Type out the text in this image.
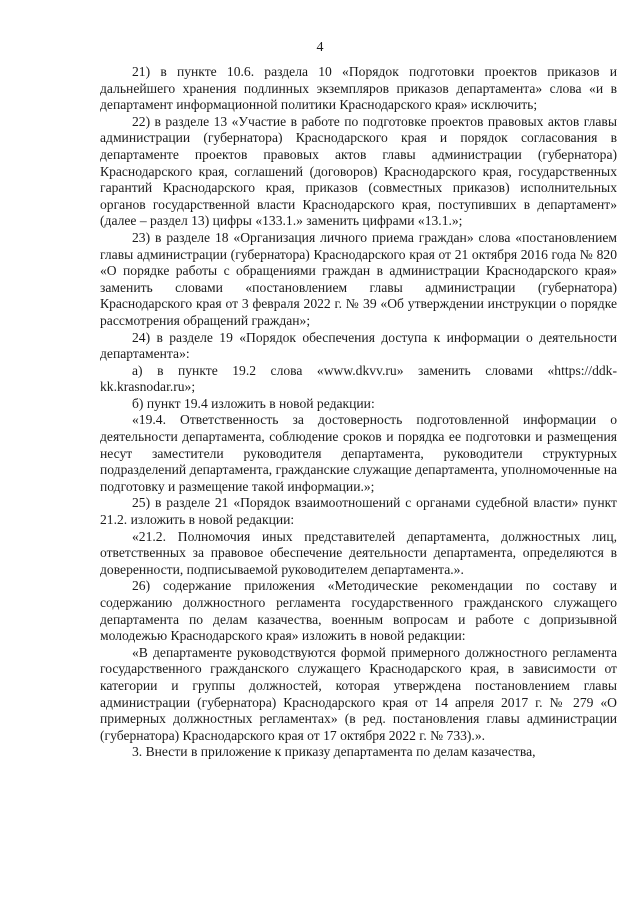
4

21) в пункте 10.6. раздела 10 «Порядок подготовки проектов приказов и дальнейшего хранения подлинных экземпляров приказов департамента» слова «и в департамент информационной политики Краснодарского края» исключить;

22) в разделе 13 «Участие в работе по подготовке проектов правовых актов главы администрации (губернатора) Краснодарского края и порядок согласования в департаменте проектов правовых актов главы администрации (губернатора) Краснодарского края, соглашений (договоров) Краснодарского края, государственных гарантий Краснодарского края, приказов (совместных приказов) исполнительных органов государственной власти Краснодарского края, поступивших в департамент» (далее – раздел 13) цифры «133.1.» заменить цифрами «13.1.»;

23) в разделе 18 «Организация личного приема граждан» слова «постановлением главы администрации (губернатора) Краснодарского края от 21 октября 2016 года № 820 «О порядке работы с обращениями граждан в администрации Краснодарского края» заменить словами «постановлением главы администрации (губернатора) Краснодарского края от 3 февраля 2022 г. № 39 «Об утверждении инструкции о порядке рассмотрения обращений граждан»;

24) в разделе 19 «Порядок обеспечения доступа к информации о деятельности департамента»:

а) в пункте 19.2 слова «www.dkvv.ru» заменить словами «https://ddk-kk.krasnodar.ru»;

б) пункт 19.4 изложить в новой редакции:

«19.4. Ответственность за достоверность подготовленной информации о деятельности департамента, соблюдение сроков и порядка ее подготовки и размещения несут заместители руководителя департамента, руководители структурных подразделений департамента, гражданские служащие департамента, уполномоченные на подготовку и размещение такой информации.»;

25) в разделе 21 «Порядок взаимоотношений с органами судебной власти» пункт 21.2. изложить в новой редакции:

«21.2. Полномочия иных представителей департамента, должностных лиц, ответственных за правовое обеспечение деятельности департамента, определяются в доверенности, подписываемой руководителем департамента.».

26) содержание приложения «Методические рекомендации по составу и содержанию должностного регламента государственного гражданского служащего департамента по делам казачества, военным вопросам и работе с допризывной молодежью Краснодарского края» изложить в новой редакции:

«В департаменте руководствуются формой примерного должностного регламента государственного гражданского служащего Краснодарского края, в зависимости от категории и группы должностей, которая утверждена постановлением главы администрации (губернатора) Краснодарского края от 14 апреля 2017 г. № 279 «О примерных должностных регламентах» (в ред. постановления главы администрации (губернатора) Краснодарского края от 17 октября 2022 г. № 733).».

3. Внести в приложение к приказу департамента по делам казачества,
